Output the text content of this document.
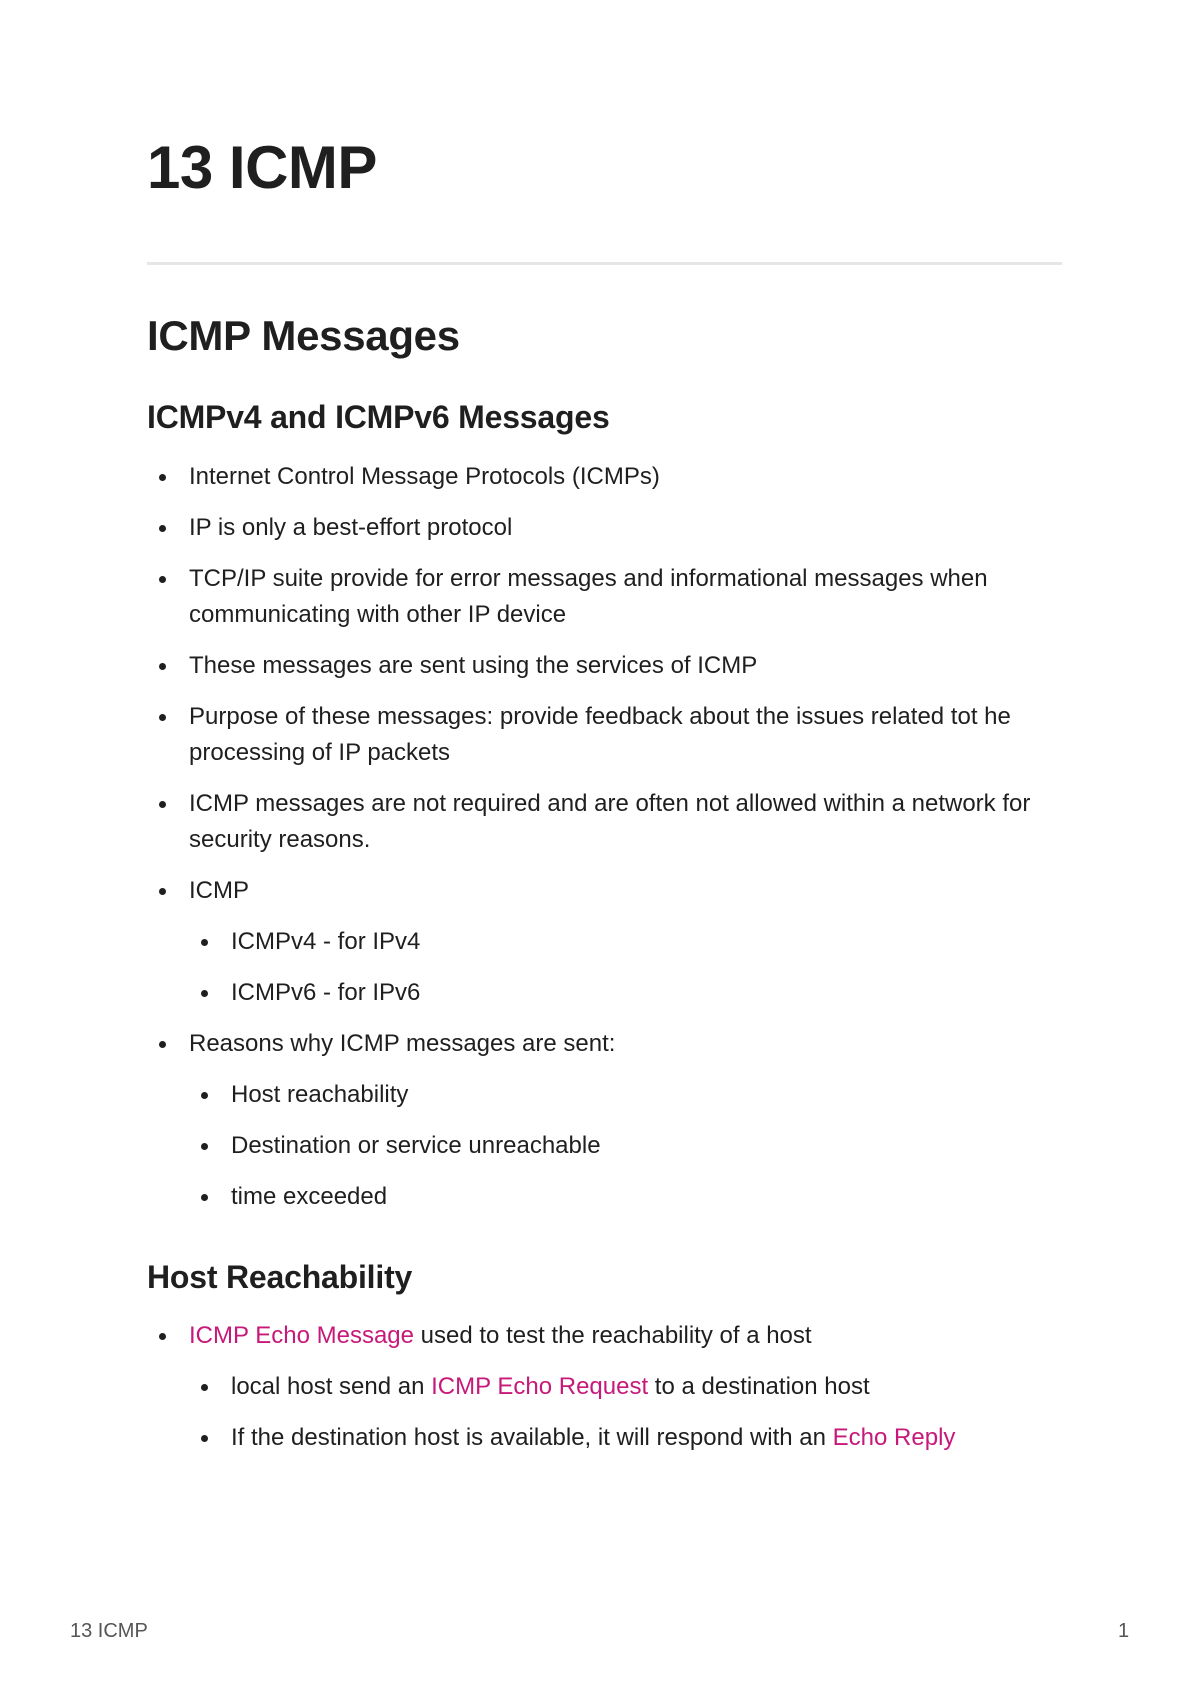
13 ICMP
ICMP Messages
ICMPv4 and ICMPv6 Messages
Internet Control Message Protocols (ICMPs)
IP is only a best-effort protocol
TCP/IP suite provide for error messages and informational messages when communicating with other IP device
These messages are sent using the services of ICMP
Purpose of these messages: provide feedback about the issues related tot he processing of IP packets
ICMP messages are not required and are often not allowed within a network for security reasons.
ICMP
ICMPv4 - for IPv4
ICMPv6 - for IPv6
Reasons why ICMP messages are sent:
Host reachability
Destination or service unreachable
time exceeded
Host Reachability
ICMP Echo Message used to test the reachability of a host
local host send an ICMP Echo Request to a destination host
If the destination host is available, it will respond with an Echo Reply
13 ICMP	1
